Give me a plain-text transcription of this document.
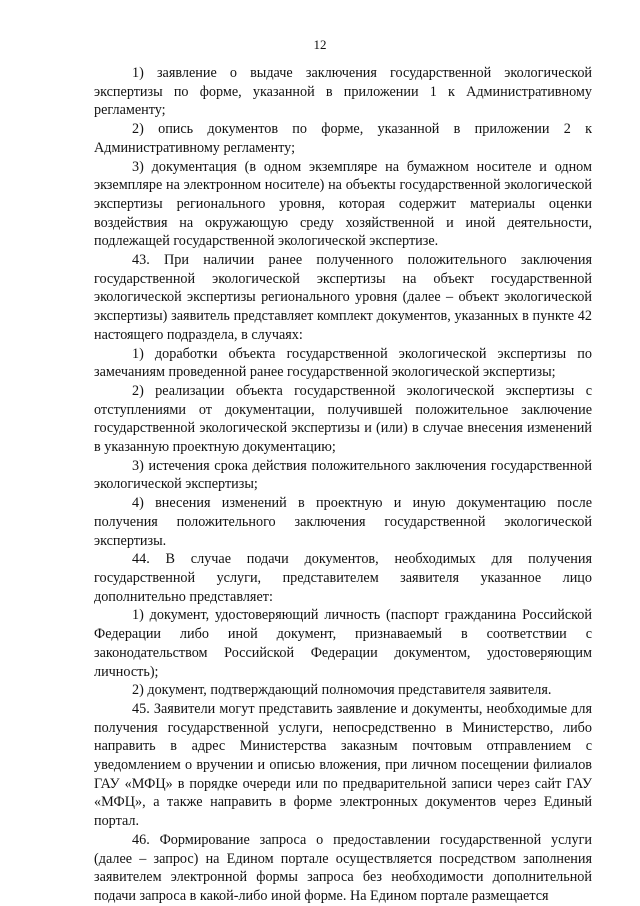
12

1) заявление о выдаче заключения государственной экологической экспертизы по форме, указанной в приложении 1 к Административному регламенту;

2) опись документов по форме, указанной в приложении 2 к Административному регламенту;

3) документация (в одном экземпляре на бумажном носителе и одном экземпляре на электронном носителе) на объекты государственной экологической экспертизы регионального уровня, которая содержит материалы оценки воздействия на окружающую среду хозяйственной и иной деятельности, подлежащей государственной экологической экспертизе.

43. При наличии ранее полученного положительного заключения государственной экологической экспертизы на объект государственной экологической экспертизы регионального уровня (далее – объект экологической экспертизы) заявитель представляет комплект документов, указанных в пункте 42 настоящего подраздела, в случаях:

1) доработки объекта государственной экологической экспертизы по замечаниям проведенной ранее государственной экологической экспертизы;

2) реализации объекта государственной экологической экспертизы с отступлениями от документации, получившей положительное заключение государственной экологической экспертизы и (или) в случае внесения изменений в указанную проектную документацию;

3) истечения срока действия положительного заключения государственной экологической экспертизы;

4) внесения изменений в проектную и иную документацию после получения положительного заключения государственной экологической экспертизы.

44. В случае подачи документов, необходимых для получения государственной услуги, представителем заявителя указанное лицо дополнительно представляет:

1) документ, удостоверяющий личность (паспорт гражданина Российской Федерации либо иной документ, признаваемый в соответствии с законодательством Российской Федерации документом, удостоверяющим личность);

2) документ, подтверждающий полномочия представителя заявителя.

45. Заявители могут представить заявление и документы, необходимые для получения государственной услуги, непосредственно в Министерство, либо направить в адрес Министерства заказным почтовым отправлением с уведомлением о вручении и описью вложения, при личном посещении филиалов ГАУ «МФЦ» в порядке очереди или по предварительной записи через сайт ГАУ «МФЦ», а также направить в форме электронных документов через Единый портал.

46. Формирование запроса о предоставлении государственной услуги (далее – запрос) на Едином портале осуществляется посредством заполнения заявителем электронной формы запроса без необходимости дополнительной подачи запроса в какой-либо иной форме. На Едином портале размещается
